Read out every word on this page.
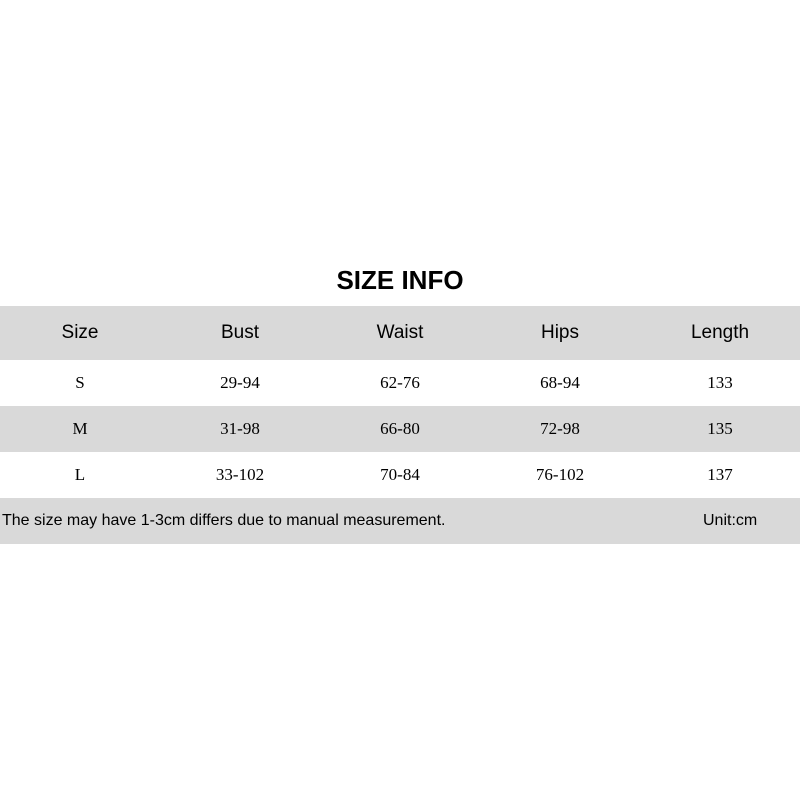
SIZE INFO
Size	Bust	Waist	Hips	Length
S	29-94	62-76	68-94	133
M	31-98	66-80	72-98	135
L	33-102	70-84	76-102	137
The size may have 1-3cm differs due to manual measurement.	Unit:cm
